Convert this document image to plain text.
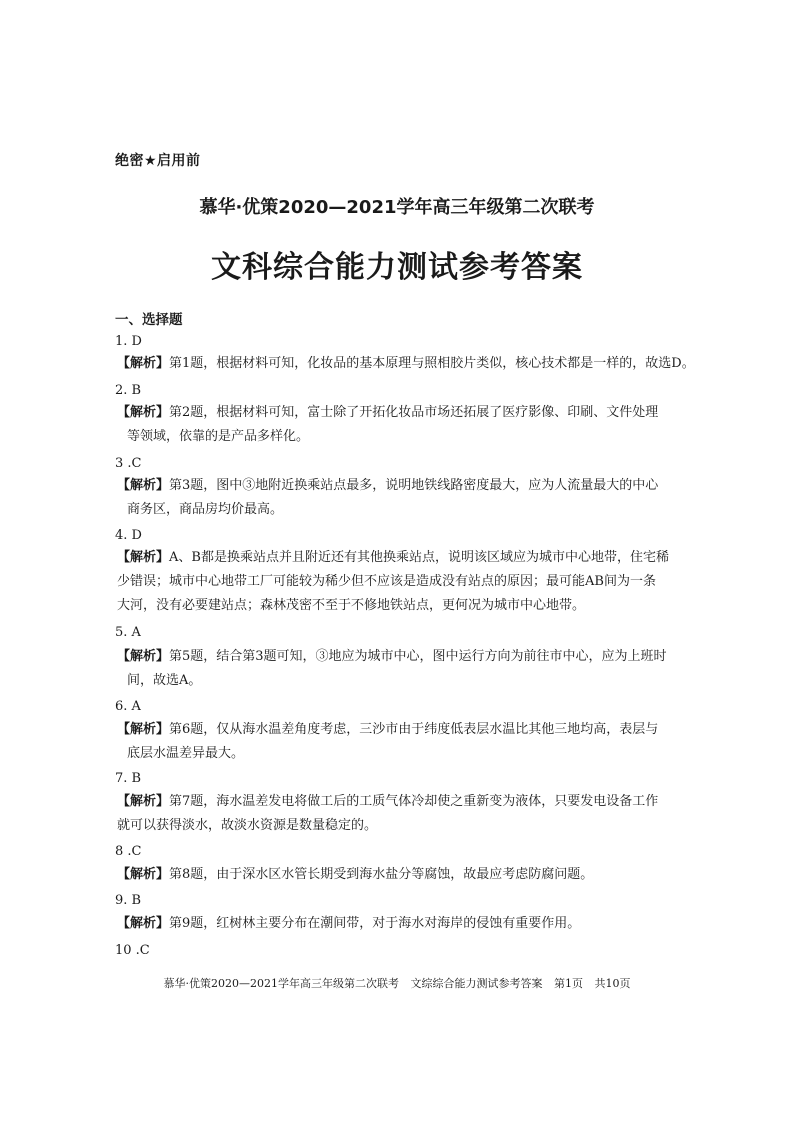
绝密★启用前
慕华·优策2020—2021学年高三年级第二次联考
文科综合能力测试参考答案
一、选择题
1. D
【解析】第1题，根据材料可知，化妆品的基本原理与照相胶片类似，核心技术都是一样的，故选D。
2. B
【解析】第2题，根据材料可知，富士除了开拓化妆品市场还拓展了医疗影像、印刷、文件处理
等领域，依靠的是产品多样化。
3 .C
【解析】第3题，图中③地附近换乘站点最多，说明地铁线路密度最大，应为人流量最大的中心
商务区，商品房均价最高。
4. D
【解析】A、B都是换乘站点并且附近还有其他换乘站点，说明该区域应为城市中心地带，住宅稀
少错误；城市中心地带工厂可能较为稀少但不应该是造成没有站点的原因；最可能AB间为一条
大河，没有必要建站点；森林茂密不至于不修地铁站点，更何况为城市中心地带。
5. A
【解析】第5题，结合第3题可知，③地应为城市中心，图中运行方向为前往市中心，应为上班时
间，故选A。
6. A
【解析】第6题，仅从海水温差角度考虑，三沙市由于纬度低表层水温比其他三地均高，表层与
底层水温差异最大。
7. B
【解析】第7题，海水温差发电将做工后的工质气体冷却使之重新变为液体，只要发电设备工作
就可以获得淡水，故淡水资源是数量稳定的。
8 .C
【解析】第8题，由于深水区水管长期受到海水盐分等腐蚀，故最应考虑防腐问题。
9. B
【解析】第9题，红树林主要分布在潮间带，对于海水对海岸的侵蚀有重要作用。
10 .C
慕华·优策2020—2021学年高三年级第二次联考 文综综合能力测试参考答案 第1页 共10页
